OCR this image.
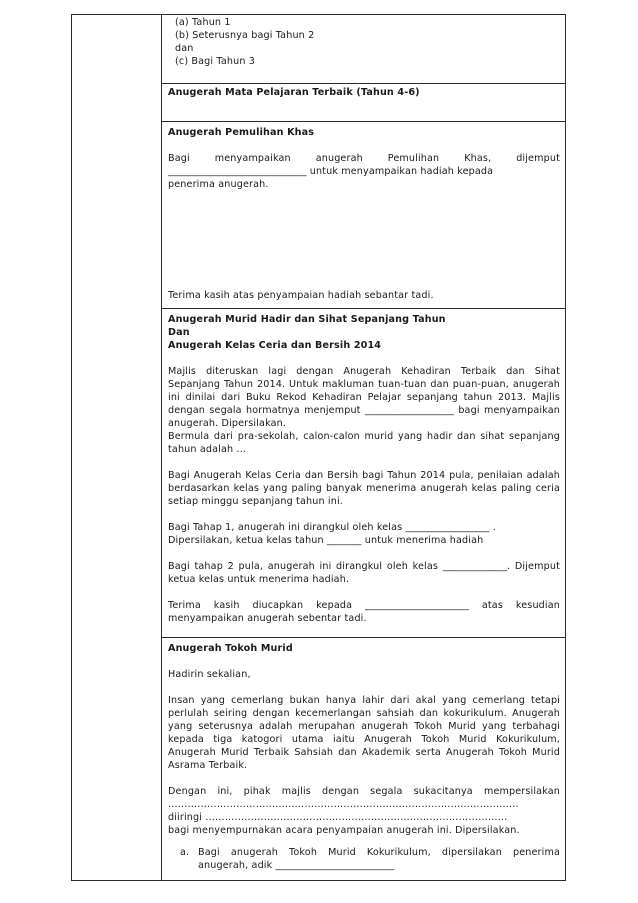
(a) Tahun 1
(b) Seterusnya bagi Tahun 2
dan
(c) Bagi Tahun 3

Anugerah Mata Pelajaran Terbaik (Tahun 4-6)

Anugerah Pemulihan Khas
Bagi menyampaikan anugerah Pemulihan Khas, dijemput
____________________________ untuk menyampaikan hadiah kepada
penerima anugerah.
Terima kasih atas penyampaian hadiah sebantar tadi.

Anugerah Murid Hadir dan Sihat Sepanjang Tahun
Dan
Anugerah Kelas Ceria dan Bersih 2014
Majlis diteruskan lagi dengan Anugerah Kehadiran Terbaik dan Sihat Sepanjang Tahun 2014. Untuk makluman tuan-tuan dan puan-puan, anugerah ini dinilai dari Buku Rekod Kehadiran Pelajar sepanjang tahun 2013. Majlis dengan segala hormatnya menjemput __________________ bagi menyampaikan anugerah. Dipersilakan.
Bermula dari pra-sekolah, calon-calon murid yang hadir dan sihat sepanjang tahun adalah …
Bagi Anugerah Kelas Ceria dan Bersih bagi Tahun 2014 pula, penilaian adalah berdasarkan kelas yang paling banyak menerima anugerah kelas paling ceria setiap minggu sepanjang tahun ini.
Bagi Tahap 1, anugerah ini dirangkul oleh kelas _________________ .
Dipersilakan, ketua kelas tahun _______ untuk menerima hadiah
Bagi tahap 2 pula, anugerah ini dirangkul oleh kelas _____________. Dijemput ketua kelas untuk menerima hadiah.
Terima kasih diucapkan kepada _____________________ atas kesudian menyampaikan anugerah sebentar tadi.

Anugerah Tokoh Murid
Hadirin sekalian,
Insan yang cemerlang bukan hanya lahir dari akal yang cemerlang tetapi perlulah seiring dengan kecemerlangan sahsiah dan kokurikulum. Anugerah yang seterusnya adalah merupahan anugerah Tokoh Murid yang terbahagi kepada tiga katogori utama iaitu Anugerah Tokoh Murid Kokurikulum, Anugerah Murid Terbaik Sahsiah dan Akademik serta Anugerah Tokoh Murid Asrama Terbaik.
Dengan ini, pihak majlis dengan segala sukacitanya mempersilakan
………………………………………………………………………………………………
diiringi …………………………………………………………………………………
bagi menyempurnakan acara penyampaian anugerah ini. Dipersilakan.
a. Bagi anugerah Tokoh Murid Kokurikulum, dipersilakan penerima anugerah, adik ________________________
